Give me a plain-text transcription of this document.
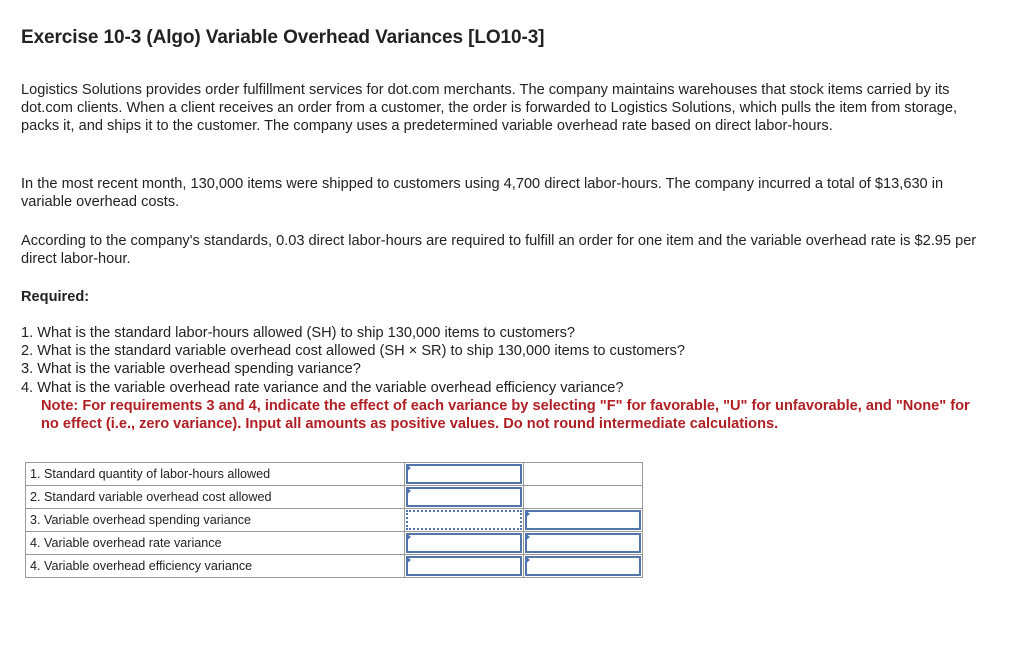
Exercise 10-3 (Algo) Variable Overhead Variances [LO10-3]

Logistics Solutions provides order fulfillment services for dot.com merchants. The company maintains warehouses that stock items carried by its dot.com clients. When a client receives an order from a customer, the order is forwarded to Logistics Solutions, which pulls the item from storage, packs it, and ships it to the customer. The company uses a predetermined variable overhead rate based on direct labor-hours.

In the most recent month, 130,000 items were shipped to customers using 4,700 direct labor-hours. The company incurred a total of $13,630 in variable overhead costs.

According to the company's standards, 0.03 direct labor-hours are required to fulfill an order for one item and the variable overhead rate is $2.95 per direct labor-hour.

Required:

1. What is the standard labor-hours allowed (SH) to ship 130,000 items to customers?
2. What is the standard variable overhead cost allowed (SH × SR) to ship 130,000 items to customers?
3. What is the variable overhead spending variance?
4. What is the variable overhead rate variance and the variable overhead efficiency variance?

Note: For requirements 3 and 4, indicate the effect of each variance by selecting "F" for favorable, "U" for unfavorable, and "None" for no effect (i.e., zero variance). Input all amounts as positive values. Do not round intermediate calculations.

1. Standard quantity of labor-hours allowed	

2. Standard variable overhead cost allowed	

3. Variable overhead spending variance	

4. Variable overhead rate variance	

4. Variable overhead efficiency variance	
